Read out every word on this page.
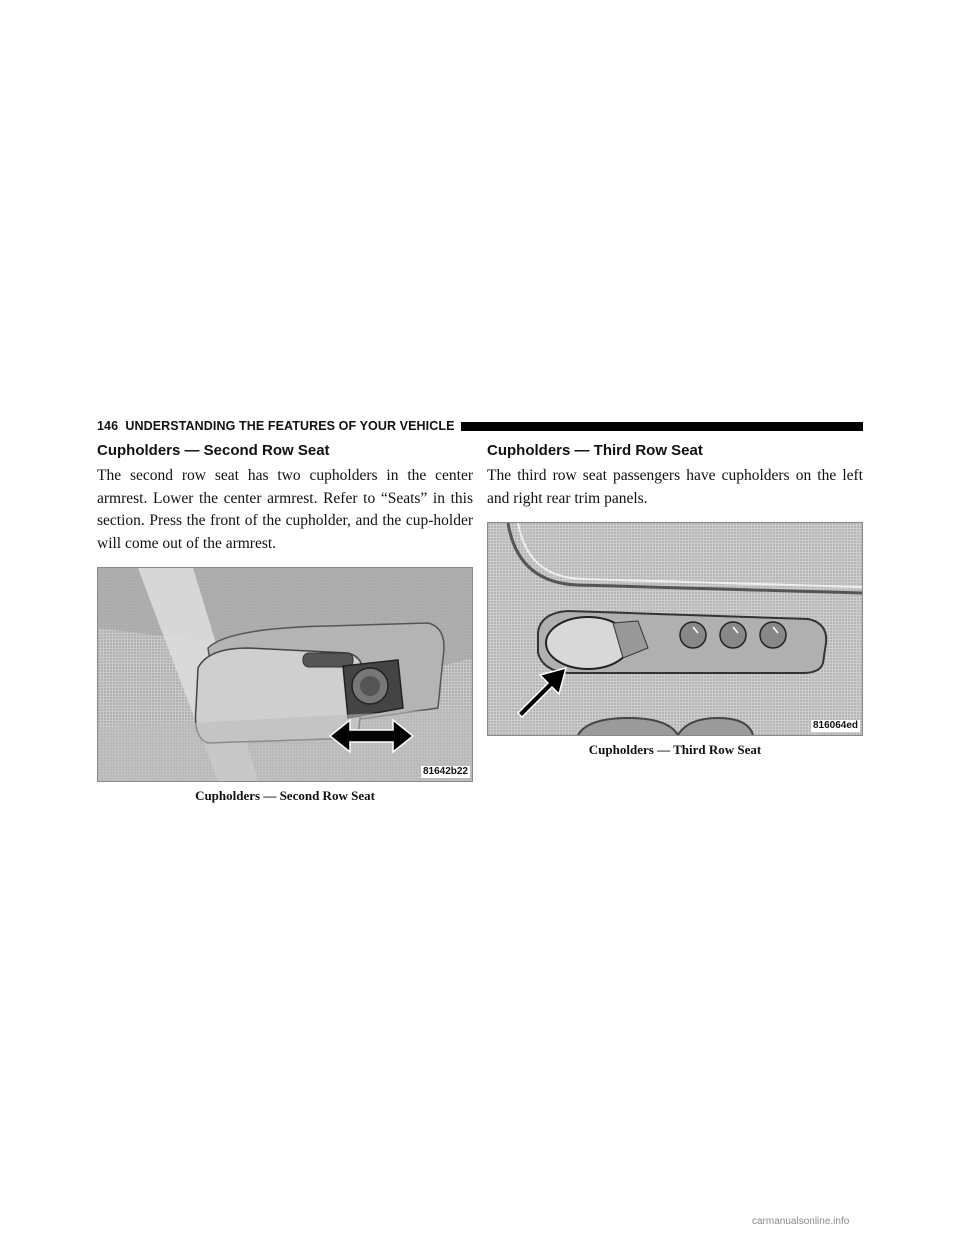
146 UNDERSTANDING THE FEATURES OF YOUR VEHICLE
Cupholders — Second Row Seat

The second row seat has two cupholders in the center armrest. Lower the center armrest. Refer to “Seats” in this section. Press the front of the cupholder, and the cup-holder will come out of the armrest.

81642b22
Cupholders — Second Row Seat
Cupholders — Third Row Seat

The third row seat passengers have cupholders on the left and right rear trim panels.

816064ed
Cupholders — Third Row Seat
carmanualsonline.info
